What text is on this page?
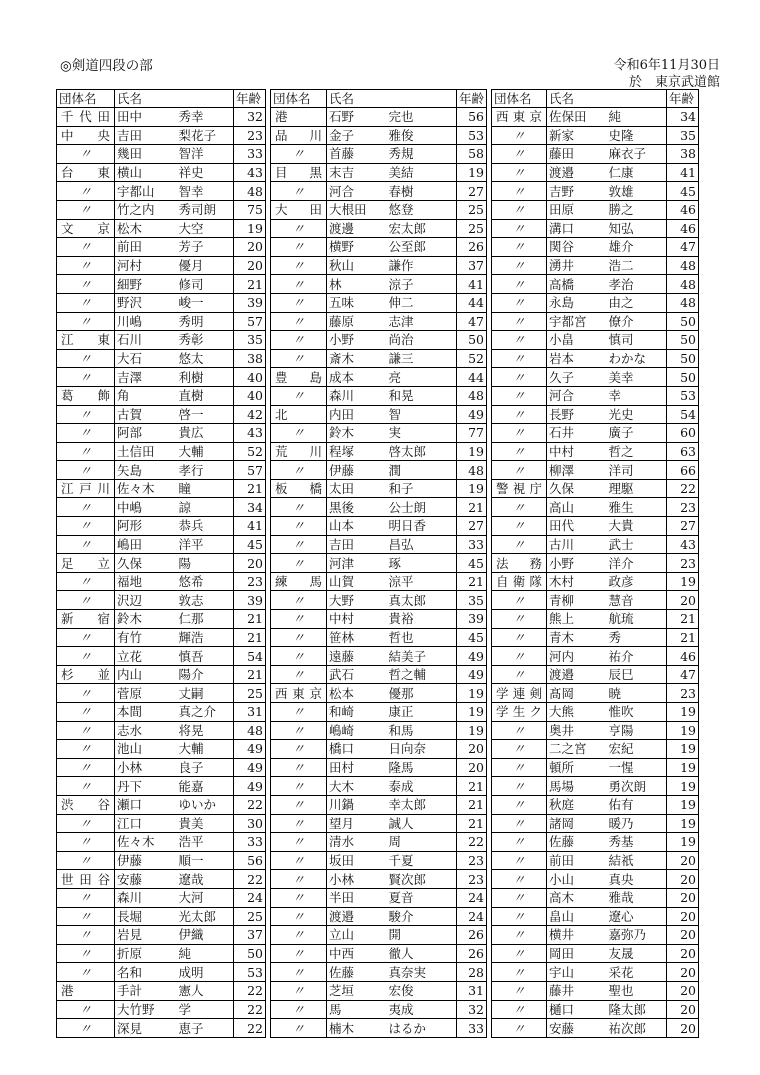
◎剣道四段の部	令和6年11月30日
於　東京武道館
団体名	氏名		年齢

千代田	田中	秀幸	32

中　央	吉田	梨花子	23

〃	幾田	智洋	33

台　東	横山	祥史	43

〃	宇都山	智幸	48

〃	竹之内	秀司朗	75

文　京	松木	大空	19

〃	前田	芳子	20

〃	河村	優月	20

〃	細野	修司	21

〃	野沢	峻一	39

〃	川嶋	秀明	57

江　東	石川	秀彰	35

〃	大石	悠太	38

〃	吉澤	利樹	40

葛　飾	角	直樹	40

〃	古賀	啓一	42

〃	阿部	貴広	43

〃	土信田	大輔	52

〃	矢島	孝行	57

江戸川	佐々木	瞳	21

〃	中嶋	諒	34

〃	阿形	恭兵	41

〃	嶋田	洋平	45

足　立	久保	陽	20

〃	福地	悠希	23

〃	沢辺	敦志	39

新　宿	鈴木	仁那	21

〃	有竹	輝浩	21

〃	立花	慎吾	54

杉　並	内山	陽介	21

〃	菅原	丈嗣	25

〃	本間	真之介	31

〃	志水	将晃	48

〃	池山	大輔	49

〃	小林	良子	49

〃	丹下	能嘉	49

渋　谷	瀬口	ゆいか	22

〃	江口	貴美	30

〃	佐々木	浩平	33

〃	伊藤	順一	56

世田谷	安藤	遼哉	22

〃	森川	大河	24

〃	長堀	光太郎	25

〃	岩見	伊織	37

〃	折原	純	50

〃	名和	成明	53

港	手計	憲人	22

〃	大竹野	学	22

〃	深見	恵子	22
団体名	氏名		年齢

港	石野	完也	56

品　川	金子	雅俊	53

〃	首藤	秀規	58

目　黒	末吉	美結	19

〃	河合	春樹	27

大　田	大根田	悠登	25

〃	渡邊	宏太郎	25

〃	横野	公至郎	26

〃	秋山	謙作	37

〃	林	涼子	41

〃	五味	伸二	44

〃	藤原	志津	47

〃	小野	尚治	50

〃	斎木	謙三	52

豊　島	成本	亮	44

〃	森川	和晃	48

北	内田	智	49

〃	鈴木	実	77

荒　川	程塚	啓太郎	19

〃	伊藤	潤	48

板　橋	太田	和子	19

〃	黒後	公士朗	21

〃	山本	明日香	27

〃	吉田	昌弘	33

〃	河津	琢	45

練　馬	山賀	涼平	21

〃	大野	真太郎	35

〃	中村	貴裕	39

〃	笹林	哲也	45

〃	遠藤	結美子	49

〃	武石	哲之輔	49

西東京	松本	優那	19

〃	和崎	康正	19

〃	嶋崎	和馬	19

〃	橋口	日向奈	20

〃	田村	隆馬	20

〃	大木	泰成	21

〃	川鍋	幸太郎	21

〃	望月	誠人	21

〃	清水	周	22

〃	坂田	千夏	23

〃	小林	賢次郎	23

〃	半田	夏音	24

〃	渡邉	駿介	24

〃	立山	開	26

〃	中西	徹人	26

〃	佐藤	真奈実	28

〃	芝垣	宏俊	31

〃	馬	夷成	32

〃	楠木	はるか	33
団体名	氏名		年齢

西東京	佐保田	純	34

〃	新家	史隆	35

〃	藤田	麻衣子	38

〃	渡邉	仁康	41

〃	吉野	敦雄	45

〃	田原	勝之	46

〃	溝口	知弘	46

〃	関谷	雄介	47

〃	湧井	浩二	48

〃	高橋	孝治	48

〃	永島	由之	48

〃	宇都宮	僚介	50

〃	小畠	慎司	50

〃	岩本	わかな	50

〃	久子	美幸	50

〃	河合	幸	53

〃	長野	光史	54

〃	石井	廣子	60

〃	中村	哲之	63

〃	柳澤	洋司	66

警視庁	久保	理駆	22

〃	高山	雅生	23

〃	田代	大貴	27

〃	古川	武士	43

法　務	小野	洋介	23

自衛隊	木村	政彦	19

〃	青柳	慧音	20

〃	熊上	航琉	21

〃	青木	秀	21

〃	河内	祐介	46

〃	渡邉	辰巳	47

学連剣	髙岡	暁	23

学生ク	大熊	惟吹	19

〃	奥井	亨陽	19

〃	二之宮	宏紀	19

〃	頓所	一惺	19

〃	馬場	勇次朗	19

〃	秋庭	佑有	19

〃	諸岡	暖乃	19

〃	佐藤	秀基	19

〃	前田	結祇	20

〃	小山	真央	20

〃	高木	雅哉	20

〃	畠山	遼心	20

〃	横井	嘉弥乃	20

〃	岡田	友晟	20

〃	宇山	采花	20

〃	藤井	聖也	20

〃	樋口	隆太郎	20

〃	安藤	祐次郎	20
